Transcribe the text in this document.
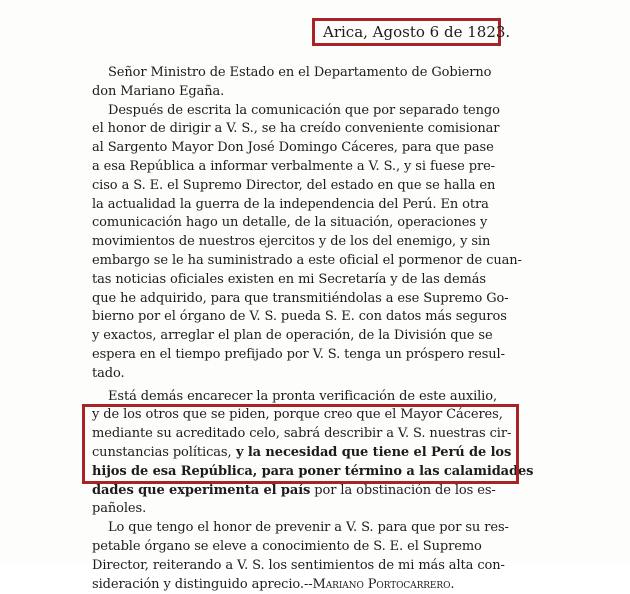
Arica, Agosto 6 de 1823.
Señor Ministro de Estado en el Departamento de Gobierno
don Mariano Egaña.
Después de escrita la comunicación que por separado tengo
el honor de dirigir a V. S., se ha creído conveniente comisionar
al Sargento Mayor Don José Domingo Cáceres, para que pase
a esa República a informar verbalmente a V. S., y si fuese pre-
ciso a S. E. el Supremo Director, del estado en que se halla en
la actualidad la guerra de la independencia del Perú. En otra
comunicación hago un detalle, de la situación, operaciones y
movimientos de nuestros ejercitos y de los del enemigo, y sin
embargo se le ha suministrado a este oficial el pormenor de cuan-
tas noticias oficiales existen en mi Secretaría y de las demás
que he adquirido, para que transmitiéndolas a ese Supremo Go-
bierno por el órgano de V. S. pueda S. E. con datos más seguros
y exactos, arreglar el plan de operación, de la División que se
espera en el tiempo prefijado por V. S. tenga un próspero resul-
tado.
Está demás encarecer la pronta verificación de este auxilio,
y de los otros que se piden, porque creo que el Mayor Cáceres,
mediante su acreditado celo, sabrá describir a V. S. nuestras cir-
cunstancias políticas, y la necesidad que tiene el Perú de los
hijos de esa República, para poner término a las calamidades
dades que experimenta el país por la obstinación de los es-
pañoles.
Lo que tengo el honor de prevenir a V. S. para que por su res-
petable órgano se eleve a conocimiento de S. E. el Supremo
Director, reiterando a V. S. los sentimientos de mi más alta con-
sideración y distinguido aprecio.--Mariano Portocarrero.
